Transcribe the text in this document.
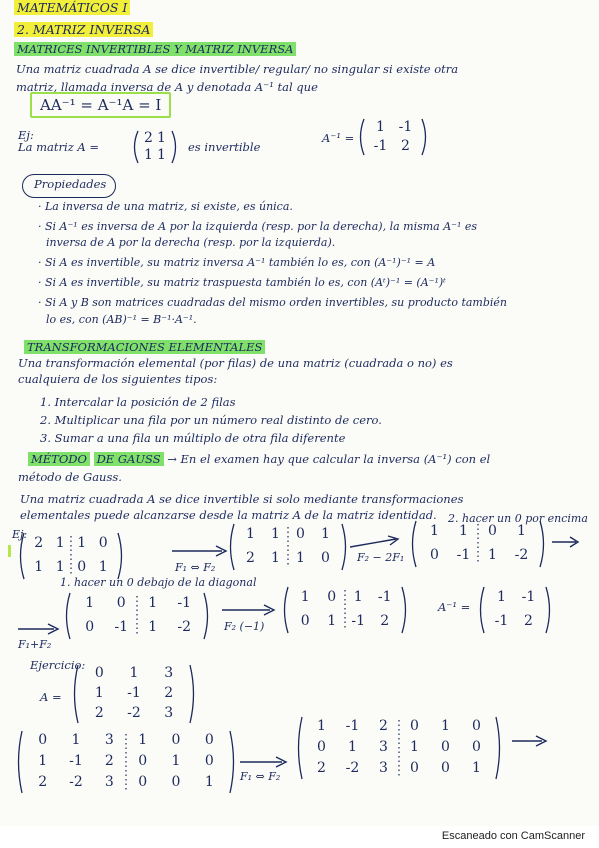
MATEMÁTICOS I
2. MATRIZ INVERSA
MATRICES INVERTIBLES Y MATRIZ INVERSA
Una matriz cuadrada A se dice invertible/ regular/ no singular si existe otra
matriz, llamada inversa de A y denotada A⁻¹ tal que
AA⁻¹ = A⁻¹A = I
Ej:
La matriz A =
2 1
1 1	es invertible
A⁻¹ =
1 -1
-1 2
Propiedades
· La inversa de una matriz, si existe, es única.
· Si A⁻¹ es inversa de A por la izquierda (resp. por la derecha), la misma A⁻¹ es
inversa de A por la derecha (resp. por la izquierda).
· Si A es invertible, su matriz inversa A⁻¹ también lo es, con (A⁻¹)⁻¹ = A
· Si A es invertible, su matriz traspuesta también lo es, con (Aᵗ)⁻¹ = (A⁻¹)ᵗ
· Si A y B son matrices cuadradas del mismo orden invertibles, su producto también
lo es, con (AB)⁻¹ = B⁻¹·A⁻¹.
TRANSFORMACIONES ELEMENTALES
Una transformación elemental (por filas) de una matriz (cuadrada o no) es
cualquiera de los siguientes tipos:
1. Intercalar la posición de 2 filas
2. Multiplicar una fila por un número real distinto de cero.
3. Sumar a una fila un múltiplo de otra fila diferente
MÉTODO DE GAUSS → En el examen hay que calcular la inversa (A⁻¹) con el
método de Gauss.
Una matriz cuadrada A se dice invertible si solo mediante transformaciones
elementales puede alcanzarse desde la matriz A de la matriz identidad. 2. hacer un 0 por encima
Ej:
2 1 1 0
1 1 0 1	F₁ ⇔ F₂
1	1	0	1
2	1	1	0	F₂ − 2F₁
1	1	0	1
0	-1	1	-2
1. hacer un 0 debajo de la diagonal
F₁+F₂
1	0	1	-1
0	-1	1	-2	F₂ (−1)
1	0	1	-1
0	1	-1	2
A⁻¹ =
1	-1
-1	2
Ejercicio:
A =
0	1	3
1	-1	2
2	-2	3
0	1	3	1	0	0
1	-1	2	0	1	0
2	-2	3	0	0	1	F₁ ⇔ F₂
1	-1	2	0	1	0
0	1	3	1	0	0
2	-2	3	0	0	1
Escaneado con CamScanner
